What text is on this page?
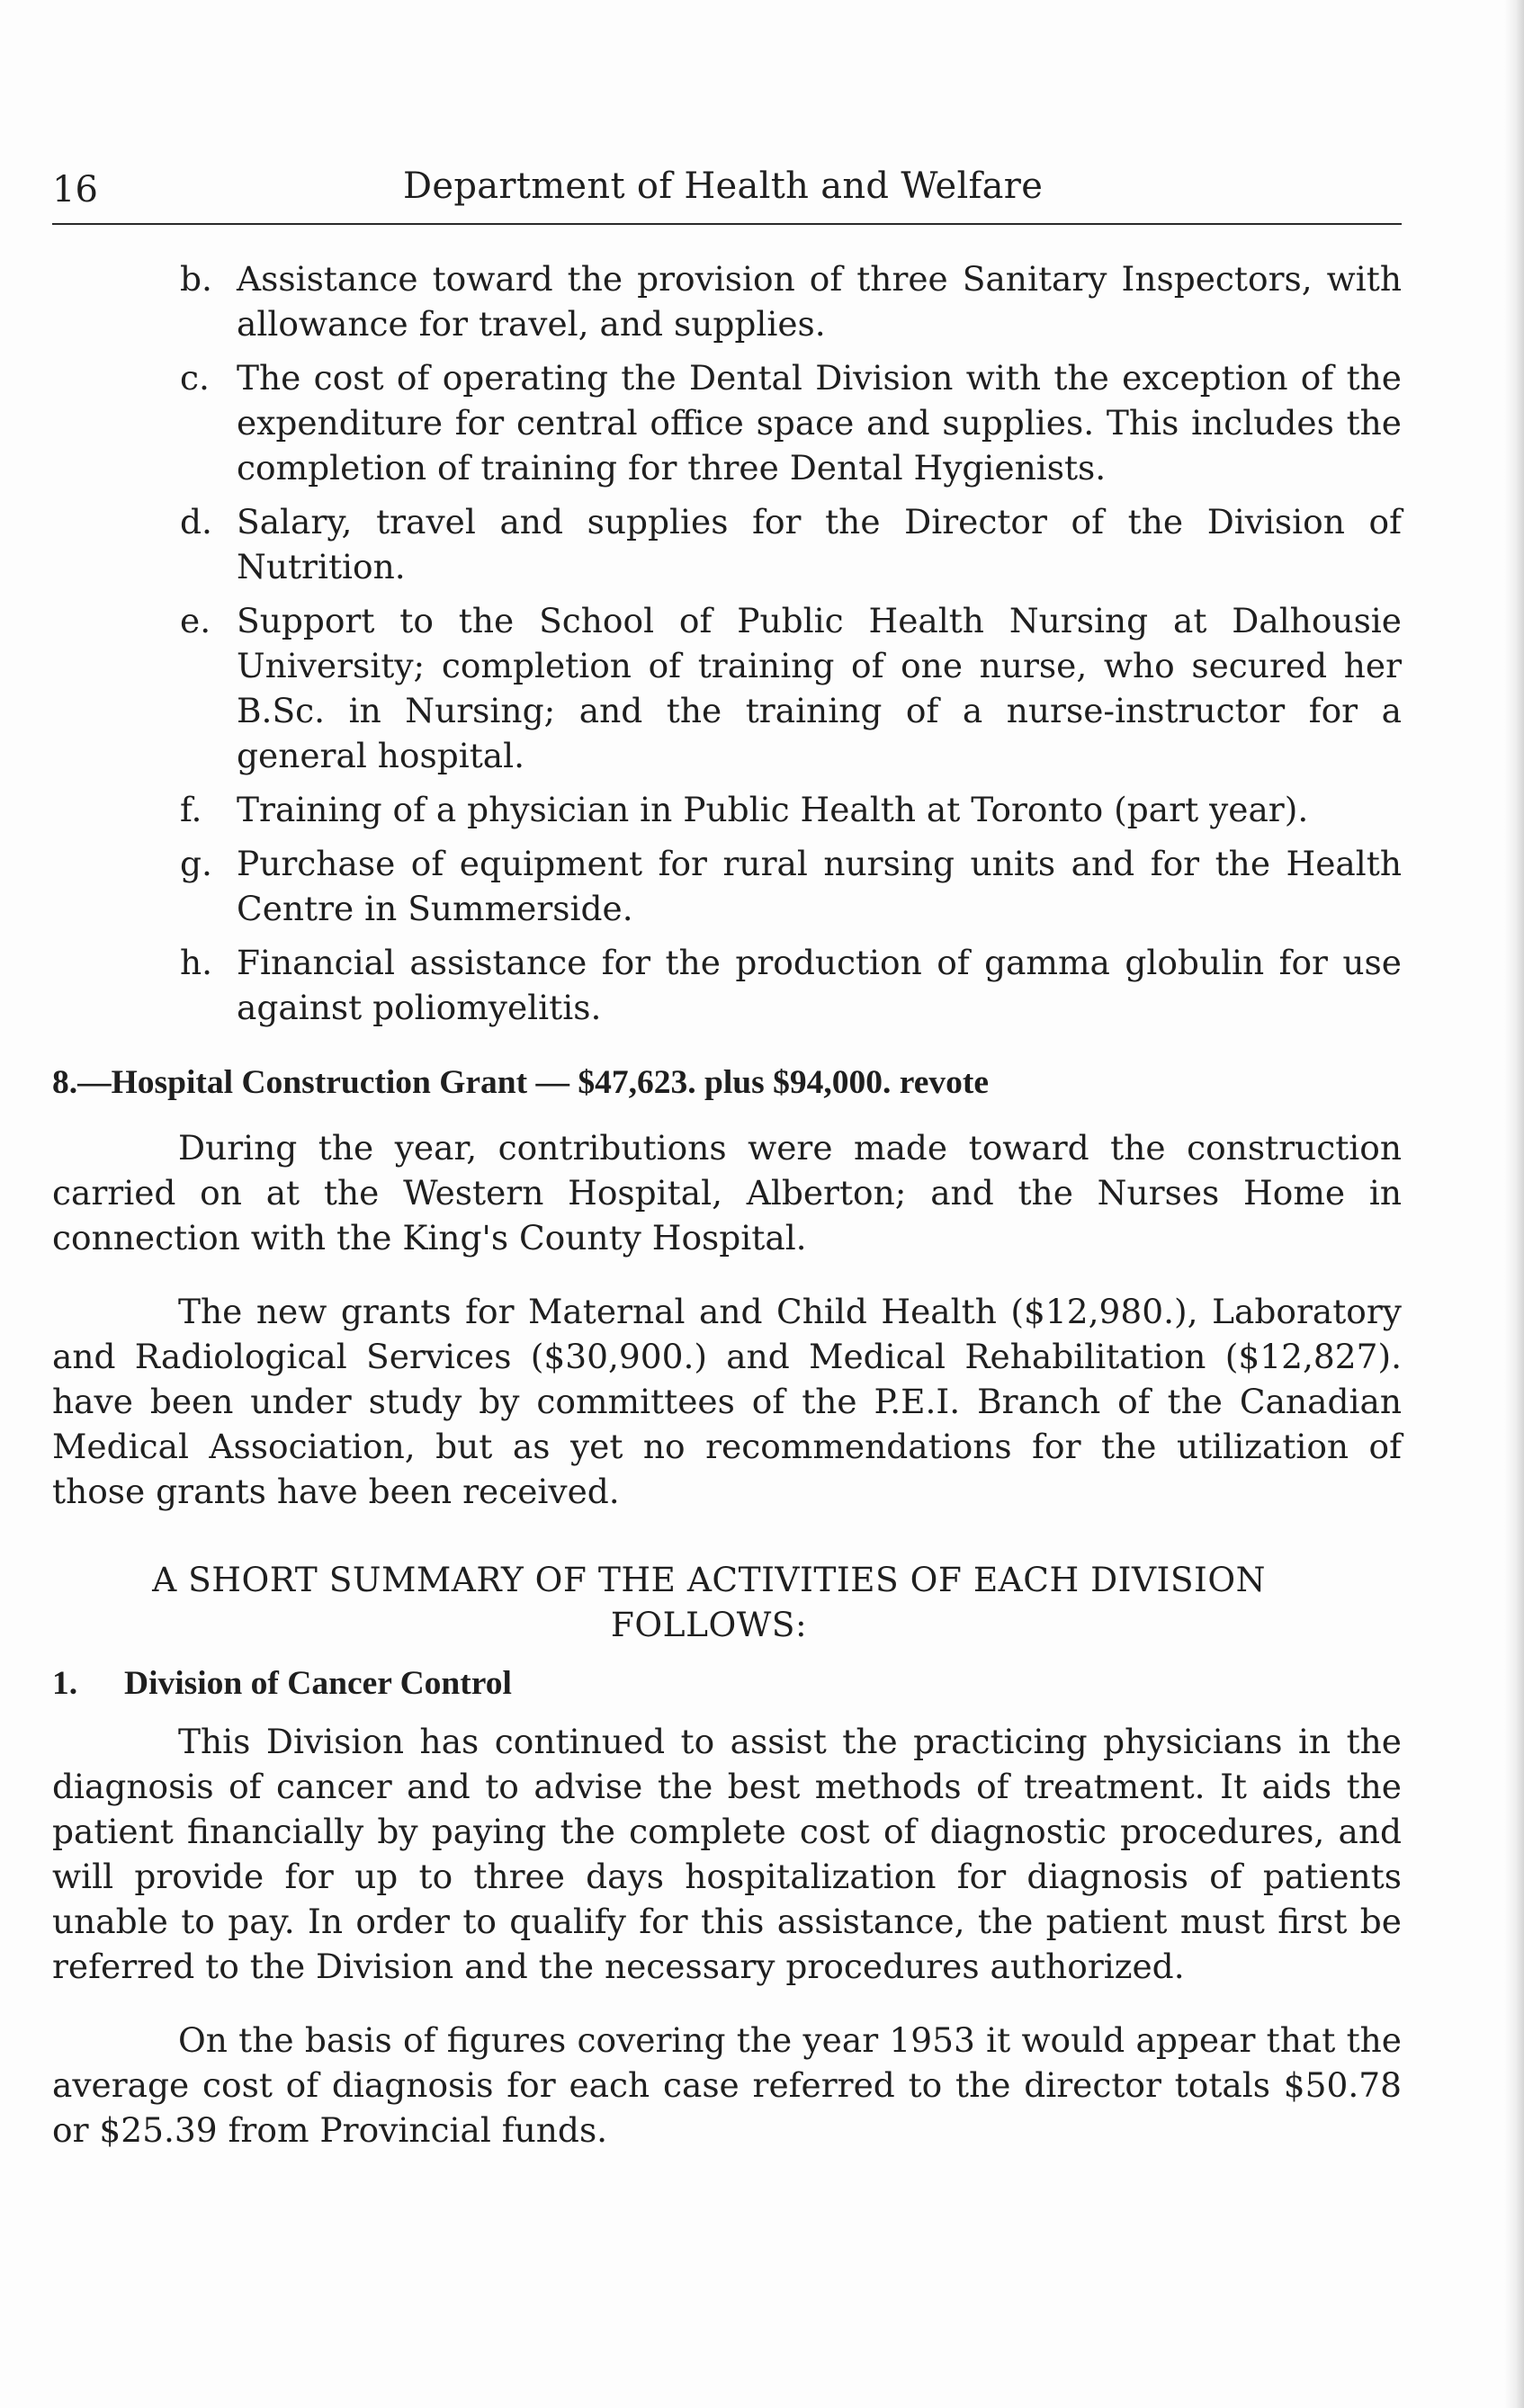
16	Department of Health and Welfare
b. Assistance toward the provision of three Sanitary Inspectors, with allowance for travel, and supplies.
c. The cost of operating the Dental Division with the exception of the expenditure for central office space and supplies. This includes the completion of training for three Dental Hygienists.
d. Salary, travel and supplies for the Director of the Division of Nutrition.
e. Support to the School of Public Health Nursing at Dalhousie University; completion of training of one nurse, who secured her B.Sc. in Nursing; and the training of a nurse-instructor for a general hospital.
f. Training of a physician in Public Health at Toronto (part year).
g. Purchase of equipment for rural nursing units and for the Health Centre in Summerside.
h. Financial assistance for the production of gamma globulin for use against poliomyelitis.
8.—Hospital Construction Grant — $47,623. plus $94,000. revote

During the year, contributions were made toward the construction carried on at the Western Hospital, Alberton; and the Nurses Home in connection with the King's County Hospital.

The new grants for Maternal and Child Health ($12,980.), Laboratory and Radiological Services ($30,900.) and Medical Rehabilitation ($12,827). have been under study by committees of the P.E.I. Branch of the Canadian Medical Association, but as yet no recommendations for the utilization of those grants have been received.

A SHORT SUMMARY OF THE ACTIVITIES OF EACH DIVISION FOLLOWS:
1. Division of Cancer Control

This Division has continued to assist the practicing physicians in the diagnosis of cancer and to advise the best methods of treatment. It aids the patient financially by paying the complete cost of diagnostic procedures, and will provide for up to three days hospitalization for diagnosis of patients unable to pay. In order to qualify for this assistance, the patient must first be referred to the Division and the necessary procedures authorized.

On the basis of figures covering the year 1953 it would appear that the average cost of diagnosis for each case referred to the director totals $50.78 or $25.39 from Provincial funds.
